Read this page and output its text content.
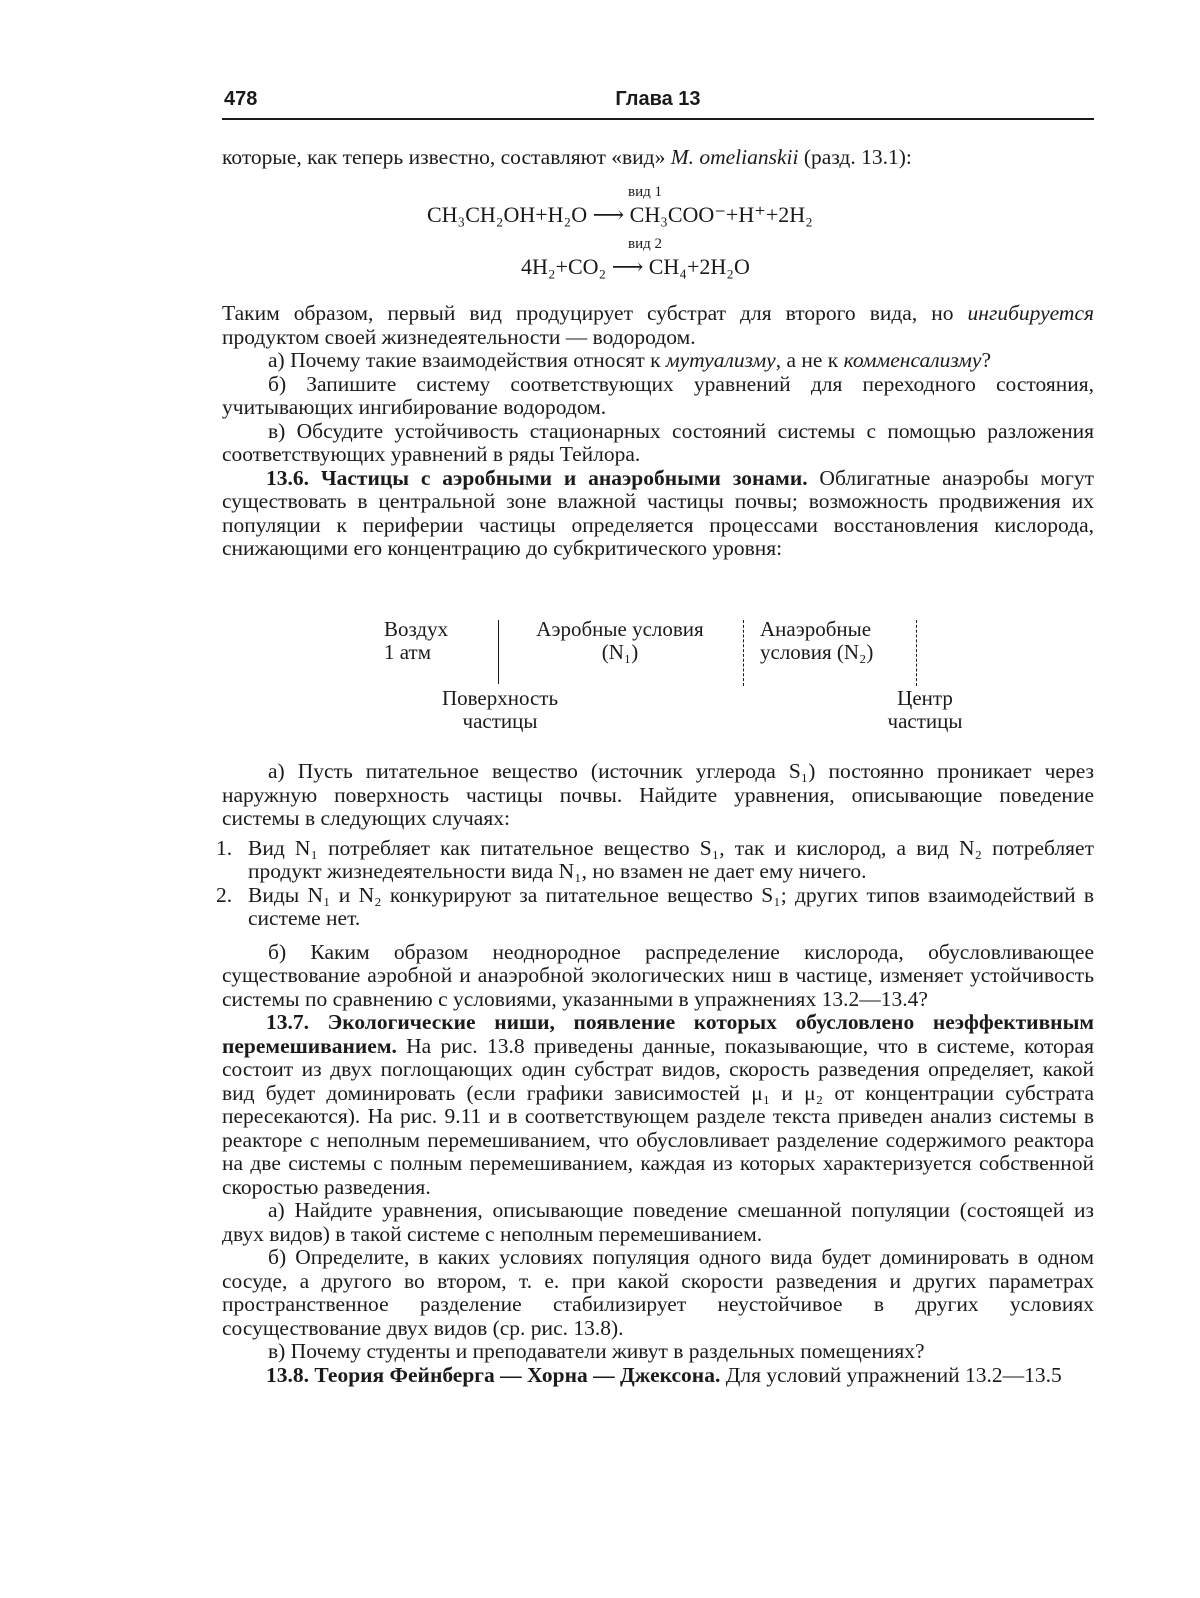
478	Глава 13

которые, как теперь известно, составляют «вид» M. omelianskii (разд. 13.1):

вид 1
CH₃CH₂OH+H₂O ⟶ CH₃COO⁻+H⁺+2H₂
вид 2
4H₂+CO₂ ⟶ CH₄+2H₂O

Таким образом, первый вид продуцирует субстрат для второго вида, но ингибируется продуктом своей жизнедеятельности — водородом.

а) Почему такие взаимодействия относят к мутуализму, а не к комменсализму?

б) Запишите систему соответствующих уравнений для переходного состояния, учитывающих ингибирование водородом.

в) Обсудите устойчивость стационарных состояний системы с помощью разложения соответствующих уравнений в ряды Тейлора.

13.6. Частицы с аэробными и анаэробными зонами. Облигатные анаэробы могут существовать в центральной зоне влажной частицы почвы; возможность продвижения их популяции к периферии частицы определяется процессами восстановления кислорода, снижающими его концентрацию до субкритического уровня:

Воздух
1 атм
Аэробные условия
(N₁)
Анаэробные
условия (N₂)
Поверхность
частицы
Центр
частицы

а) Пусть питательное вещество (источник углерода S₁) постоянно проникает через наружную поверхность частицы почвы. Найдите уравнения, описывающие поведение системы в следующих случаях:

1. Вид N₁ потребляет как питательное вещество S₁, так и кислород, а вид N₂ потребляет продукт жизнедеятельности вида N₁, но взамен не дает ему ничего.
2. Виды N₁ и N₂ конкурируют за питательное вещество S₁; других типов взаимодействий в системе нет.

б) Каким образом неоднородное распределение кислорода, обусловливающее существование аэробной и анаэробной экологических ниш в частице, изменяет устойчивость системы по сравнению с условиями, указанными в упражнениях 13.2—13.4?

13.7. Экологические ниши, появление которых обусловлено неэффективным перемешиванием. На рис. 13.8 приведены данные, показывающие, что в системе, которая состоит из двух поглощающих один субстрат видов, скорость разведения определяет, какой вид будет доминировать (если графики зависимостей μ₁ и μ₂ от концентрации субстрата пересекаются). На рис. 9.11 и в соответствующем разделе текста приведен анализ системы в реакторе с неполным перемешиванием, что обусловливает разделение содержимого реактора на две системы с полным перемешиванием, каждая из которых характеризуется собственной скоростью разведения.

а) Найдите уравнения, описывающие поведение смешанной популяции (состоящей из двух видов) в такой системе с неполным перемешиванием.

б) Определите, в каких условиях популяция одного вида будет доминировать в одном сосуде, а другого во втором, т. е. при какой скорости разведения и других параметрах пространственное разделение стабилизирует неустойчивое в других условиях сосуществование двух видов (ср. рис. 13.8).

в) Почему студенты и преподаватели живут в раздельных помещениях?

13.8. Теория Фейнберга — Хорна — Джексона. Для условий упражнений 13.2—13.5
